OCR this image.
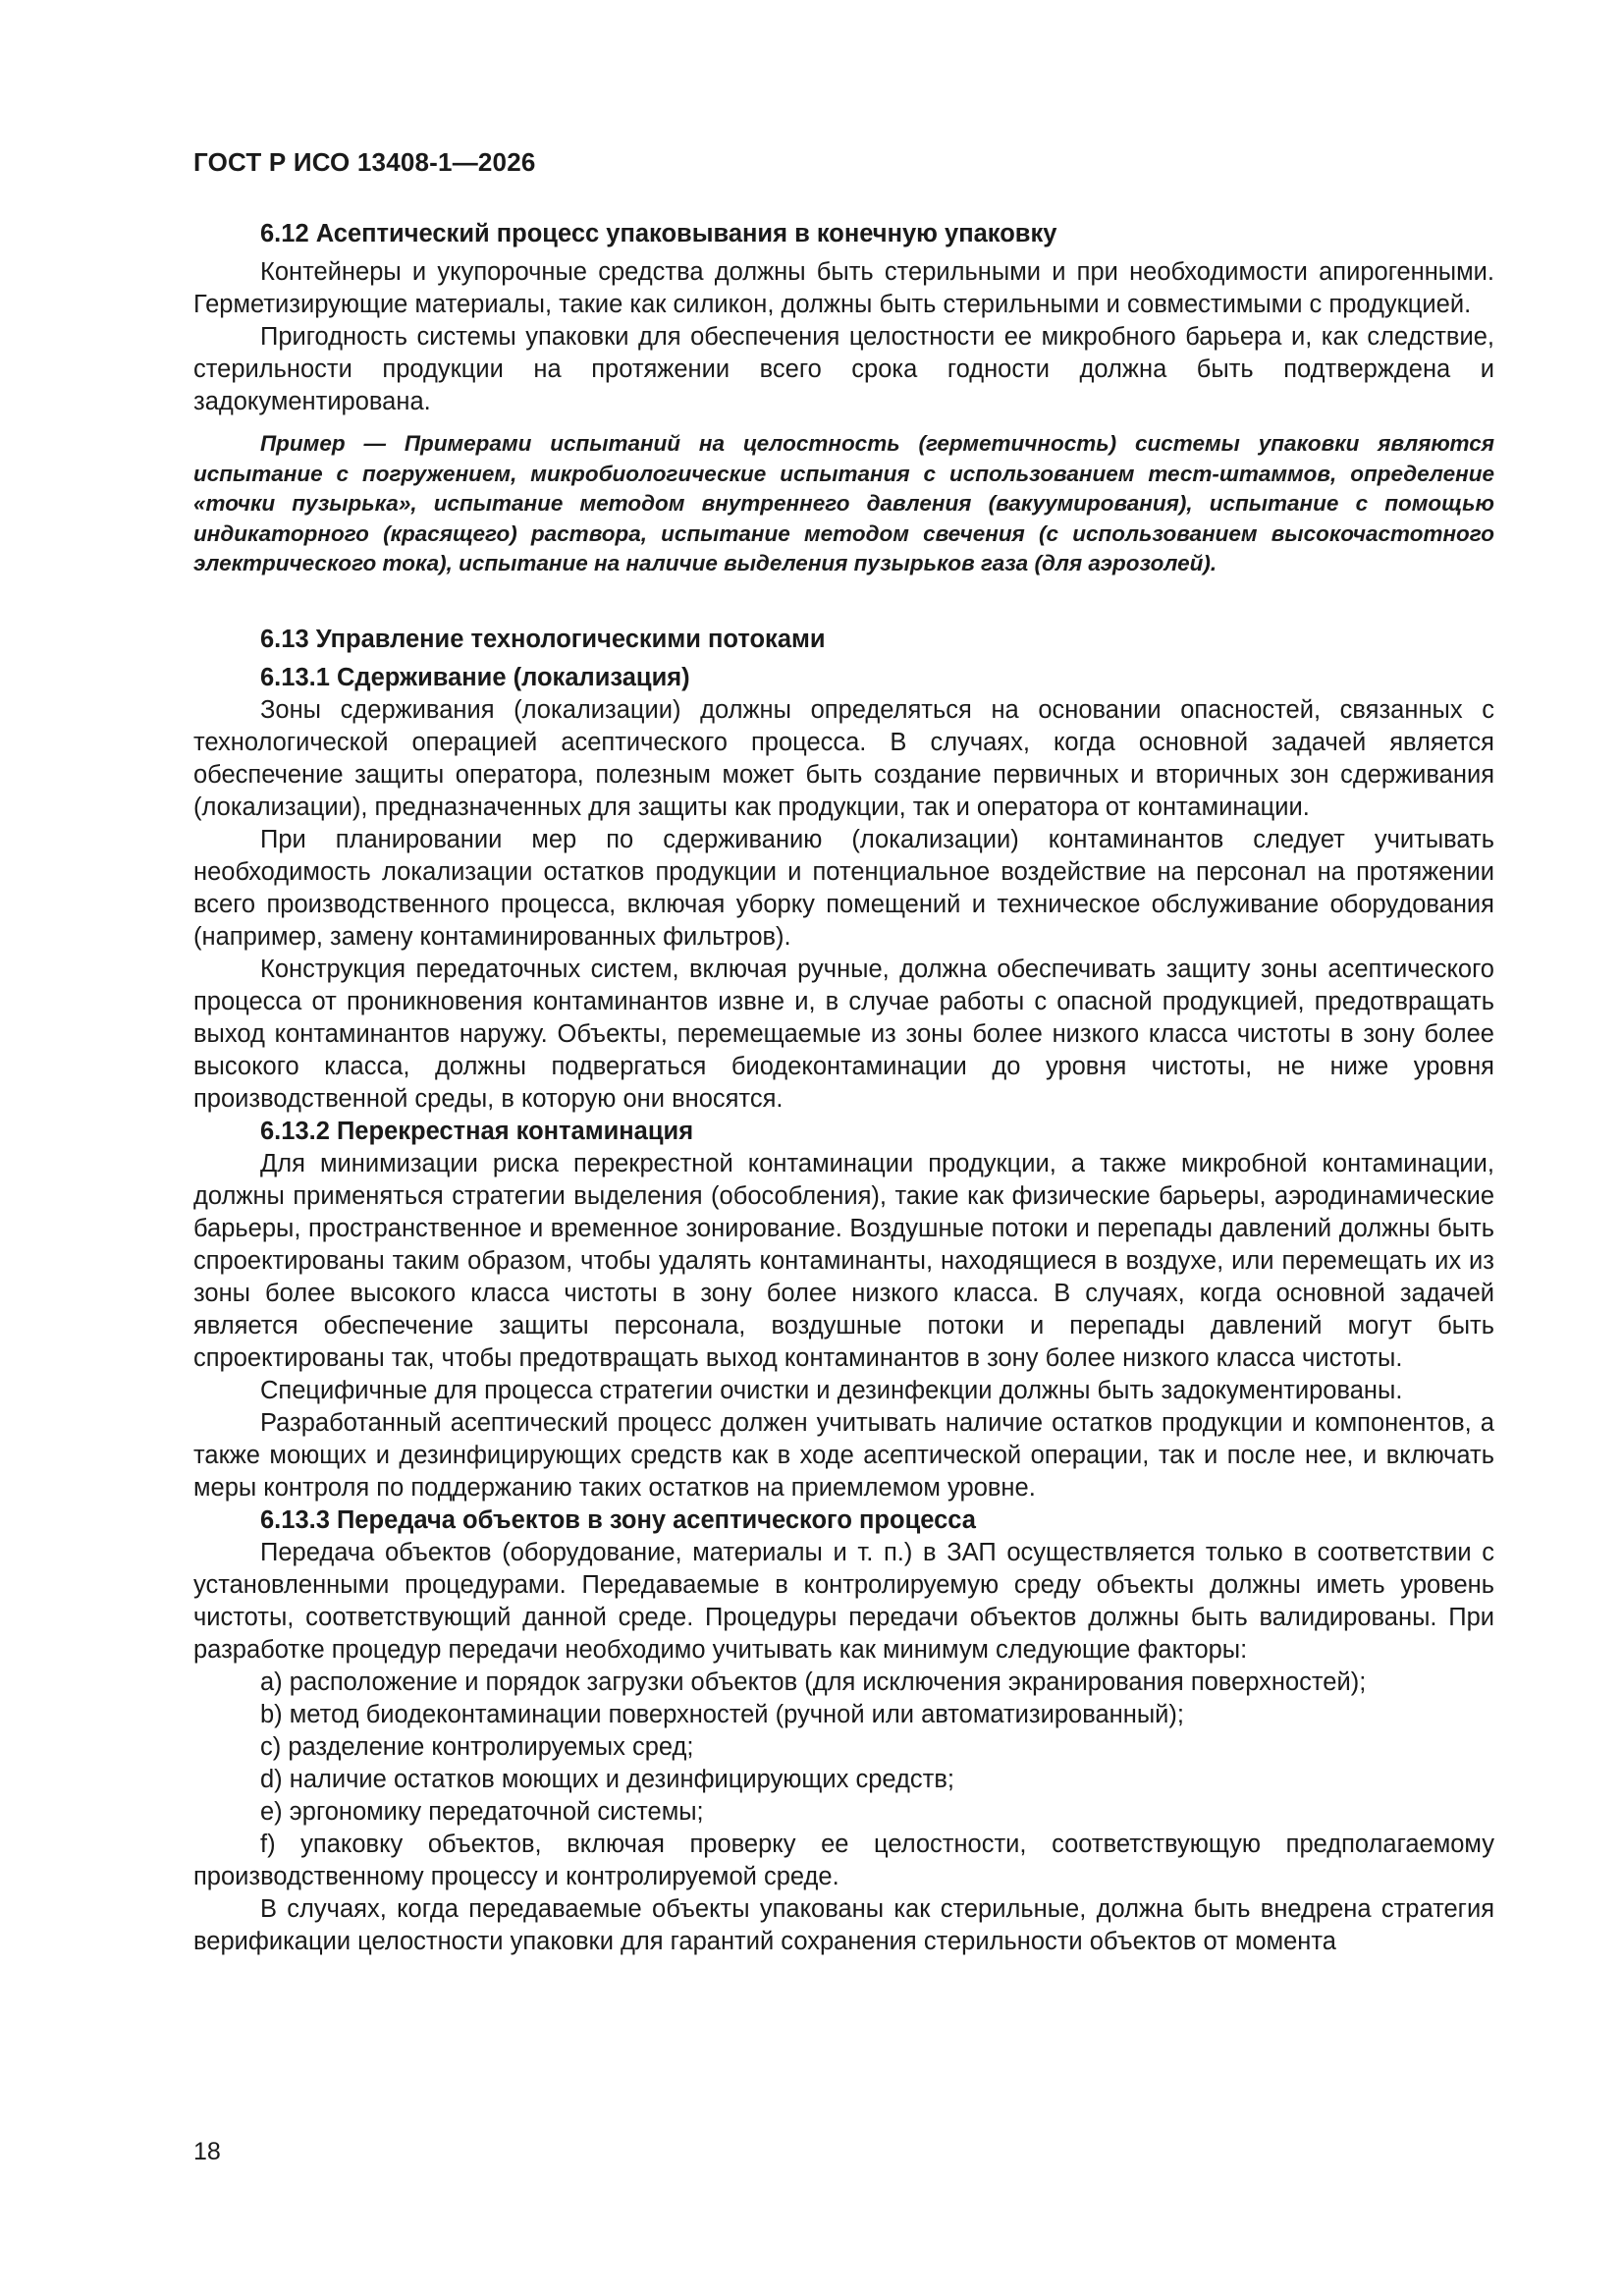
ГОСТ Р ИСО 13408-1—2026

6.12 Асептический процесс упаковывания в конечную упаковку

Контейнеры и укупорочные средства должны быть стерильными и при необходимости апирогенными. Герметизирующие материалы, такие как силикон, должны быть стерильными и совместимыми с продукцией.

Пригодность системы упаковки для обеспечения целостности ее микробного барьера и, как следствие, стерильности продукции на протяжении всего срока годности должна быть подтверждена и задокументирована.

Пример — Примерами испытаний на целостность (герметичность) системы упаковки являются испытание с погружением, микробиологические испытания с использованием тест-штаммов, определение «точки пузырька», испытание методом внутреннего давления (вакуумирования), испытание с помощью индикаторного (красящего) раствора, испытание методом свечения (с использованием высокочастотного электрического тока), испытание на наличие выделения пузырьков газа (для аэрозолей).

6.13 Управление технологическими потоками

6.13.1 Сдерживание (локализация)

Зоны сдерживания (локализации) должны определяться на основании опасностей, связанных с технологической операцией асептического процесса. В случаях, когда основной задачей является обеспечение защиты оператора, полезным может быть создание первичных и вторичных зон сдерживания (локализации), предназначенных для защиты как продукции, так и оператора от контаминации.

При планировании мер по сдерживанию (локализации) контаминантов следует учитывать необходимость локализации остатков продукции и потенциальное воздействие на персонал на протяжении всего производственного процесса, включая уборку помещений и техническое обслуживание оборудования (например, замену контаминированных фильтров).

Конструкция передаточных систем, включая ручные, должна обеспечивать защиту зоны асептического процесса от проникновения контаминантов извне и, в случае работы с опасной продукцией, предотвращать выход контаминантов наружу. Объекты, перемещаемые из зоны более низкого класса чистоты в зону более высокого класса, должны подвергаться биодеконтаминации до уровня чистоты, не ниже уровня производственной среды, в которую они вносятся.

6.13.2 Перекрестная контаминация

Для минимизации риска перекрестной контаминации продукции, а также микробной контаминации, должны применяться стратегии выделения (обособления), такие как физические барьеры, аэродинамические барьеры, пространственное и временное зонирование. Воздушные потоки и перепады давлений должны быть спроектированы таким образом, чтобы удалять контаминанты, находящиеся в воздухе, или перемещать их из зоны более высокого класса чистоты в зону более низкого класса. В случаях, когда основной задачей является обеспечение защиты персонала, воздушные потоки и перепады давлений могут быть спроектированы так, чтобы предотвращать выход контаминантов в зону более низкого класса чистоты.

Специфичные для процесса стратегии очистки и дезинфекции должны быть задокументированы.

Разработанный асептический процесс должен учитывать наличие остатков продукции и компонентов, а также моющих и дезинфицирующих средств как в ходе асептической операции, так и после нее, и включать меры контроля по поддержанию таких остатков на приемлемом уровне.

6.13.3 Передача объектов в зону асептического процесса

Передача объектов (оборудование, материалы и т. п.) в ЗАП осуществляется только в соответствии с установленными процедурами. Передаваемые в контролируемую среду объекты должны иметь уровень чистоты, соответствующий данной среде. Процедуры передачи объектов должны быть валидированы. При разработке процедур передачи необходимо учитывать как минимум следующие факторы:

a) расположение и порядок загрузки объектов (для исключения экранирования поверхностей);

b) метод биодеконтаминации поверхностей (ручной или автоматизированный);

c) разделение контролируемых сред;

d) наличие остатков моющих и дезинфицирующих средств;

e) эргономику передаточной системы;

f) упаковку объектов, включая проверку ее целостности, соответствующую предполагаемому производственному процессу и контролируемой среде.

В случаях, когда передаваемые объекты упакованы как стерильные, должна быть внедрена стратегия верификации целостности упаковки для гарантий сохранения стерильности объектов от момента

18
